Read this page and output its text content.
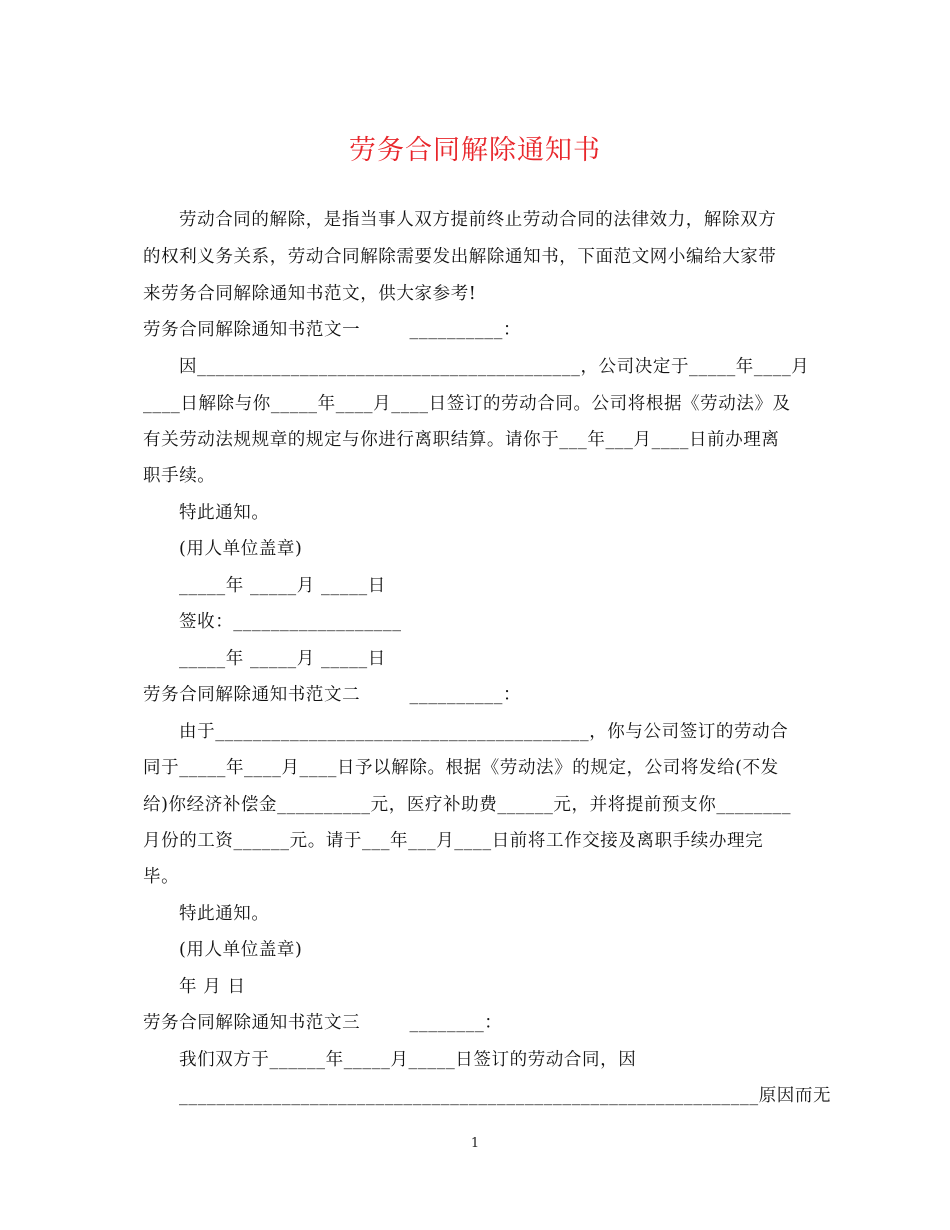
劳务合同解除通知书
劳动合同的解除，是指当事人双方提前终止劳动合同的法律效力，解除双方
的权利义务关系，劳动合同解除需要发出解除通知书，下面范文网小编给大家带
来劳务合同解除通知书范文，供大家参考!
劳务合同解除通知书范文一        __________：
因_________________________________________，公司决定于_____年____月
____日解除与你_____年____月____日签订的劳动合同。公司将根据《劳动法》及
有关劳动法规规章的规定与你进行离职结算。请你于___年___月____日前办理离
职手续。
特此通知。
(用人单位盖章)
_____年 _____月 _____日
签收：__________________
_____年 _____月 _____日
劳务合同解除通知书范文二        __________：
由于________________________________________，你与公司签订的劳动合
同于_____年____月____日予以解除。根据《劳动法》的规定，公司将发给(不发
给)你经济补偿金__________元，医疗补助费______元，并将提前预支你________
月份的工资______元。请于___年___月____日前将工作交接及离职手续办理完
毕。
特此通知。
(用人单位盖章)
年 月 日
劳务合同解除通知书范文三        ________：
我们双方于______年_____月_____日签订的劳动合同，因
______________________________________________________________原因而无
1
